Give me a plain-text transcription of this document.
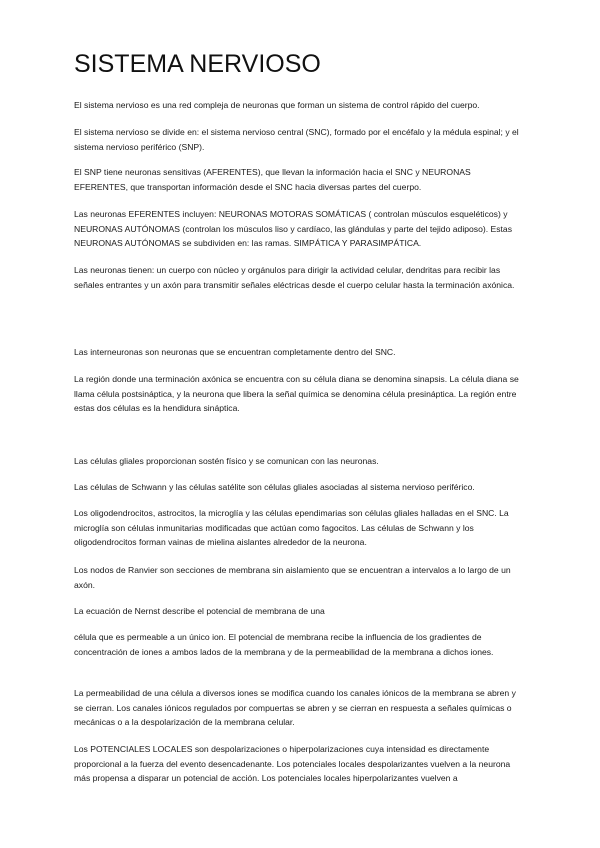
SISTEMA NERVIOSO

El sistema nervioso es una red compleja de neuronas que forman un sistema de control rápido del cuerpo.

El sistema nervioso se divide en: el sistema nervioso central (SNC), formado por el encéfalo y la médula espinal; y el sistema nervioso periférico (SNP).

El SNP tiene neuronas sensitivas (AFERENTES), que llevan la información hacia el SNC y NEURONAS EFERENTES, que transportan información desde el SNC hacia diversas partes del cuerpo.

Las neuronas EFERENTES incluyen: NEURONAS MOTORAS SOMÁTICAS ( controlan músculos esqueléticos) y NEURONAS AUTÓNOMAS (controlan los músculos liso y cardíaco, las glándulas y parte del tejido adiposo). Estas NEURONAS AUTÓNOMAS se subdividen en: las ramas. SIMPÁTICA Y PARASIMPÁTICA.

Las neuronas tienen: un cuerpo con núcleo y orgánulos para dirigir la actividad celular, dendritas para recibir las señales entrantes y un axón para transmitir señales eléctricas desde el cuerpo celular hasta la terminación axónica.

Las interneuronas son neuronas que se encuentran completamente dentro del SNC.

La región donde una terminación axónica se encuentra con su célula diana se denomina sinapsis. La célula diana se llama célula postsináptica, y la neurona que libera la señal química se denomina célula presináptica. La región entre estas dos células es la hendidura sináptica.

Las células gliales proporcionan sostén físico y se comunican con las neuronas.

Las células de Schwann y las células satélite son células gliales asociadas al sistema nervioso periférico.

Los oligodendrocitos, astrocitos, la microglía y las células ependimarias son células gliales halladas en el SNC. La microglía son células inmunitarias modificadas que actúan como fagocitos. Las células de Schwann y los oligodendrocitos forman vainas de mielina aislantes alrededor de la neurona.

Los nodos de Ranvier son secciones de membrana sin aislamiento que se encuentran a intervalos a lo largo de un axón.

La ecuación de Nernst describe el potencial de membrana de una

célula que es permeable a un único ion. El potencial de membrana recibe la influencia de los gradientes de concentración de iones a ambos lados de la membrana y de la permeabilidad de la membrana a dichos iones.

La permeabilidad de una célula a diversos iones se modifica cuando los canales iónicos de la membrana se abren y se cierran. Los canales iónicos regulados por compuertas se abren y se cierran en respuesta a señales químicas o mecánicas o a la despolarización de la membrana celular.

Los POTENCIALES LOCALES son despolarizaciones o hiperpolarizaciones cuya intensidad es directamente proporcional a la fuerza del evento desencadenante. Los potenciales locales despolarizantes vuelven a la neurona más propensa a disparar un potencial de acción. Los potenciales locales hiperpolarizantes vuelven a
